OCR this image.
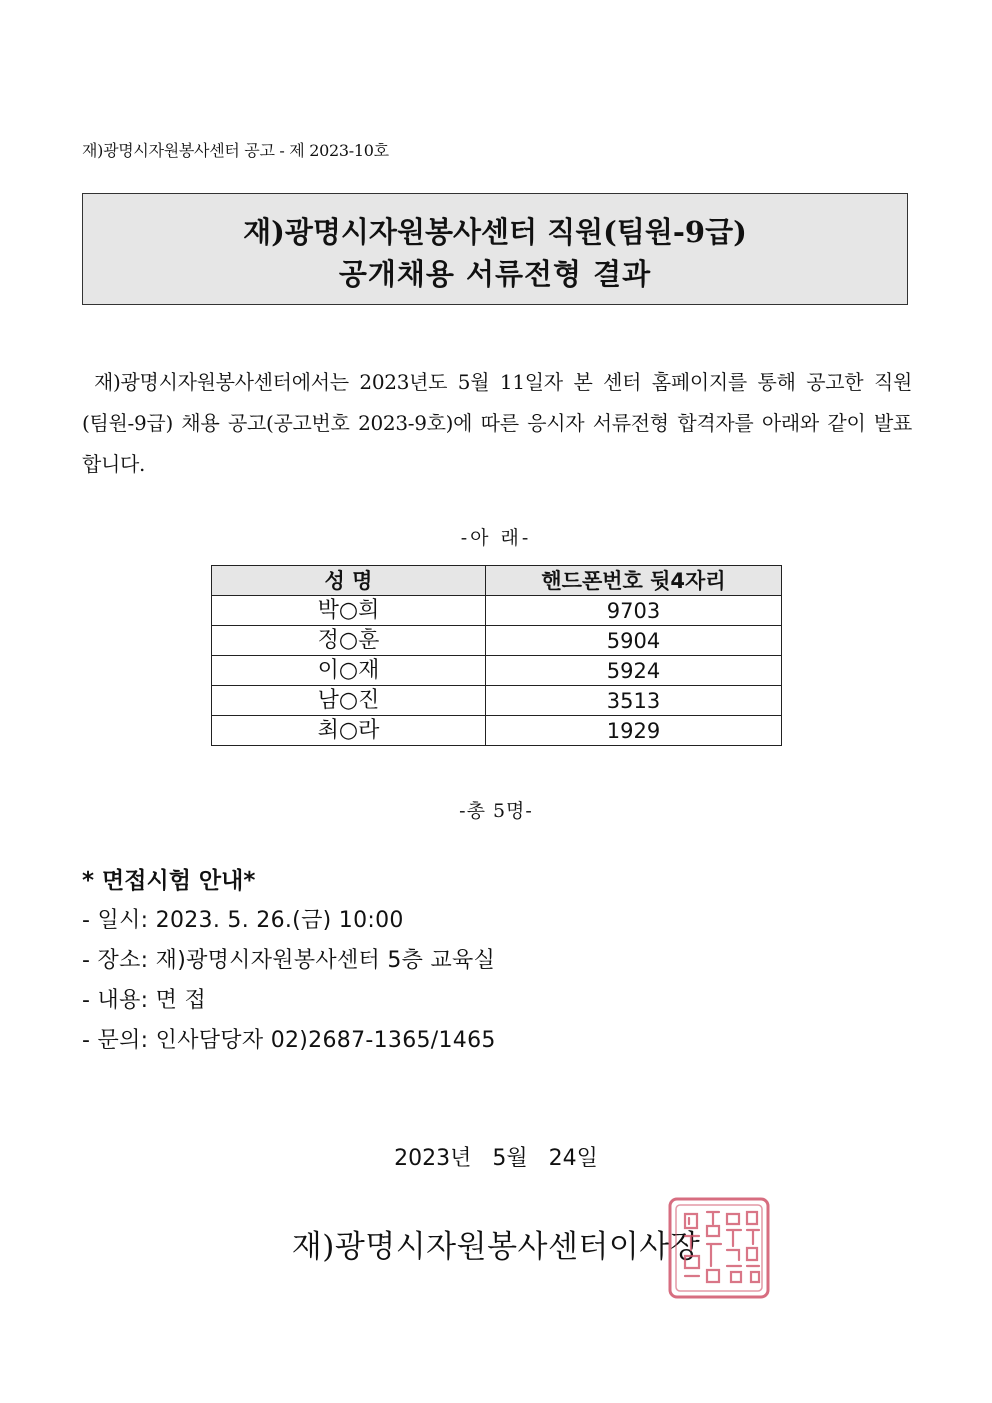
재)광명시자원봉사센터 공고 - 제 2023-10호
재)광명시자원봉사센터 직원(팀원-9급)
공개채용 서류전형 결과
재)광명시자원봉사센터에서는 2023년도 5월 11일자 본 센터 홈페이지를 통해 공고한 직원(팀원-9급) 채용 공고(공고번호 2023-9호)에 따른 응시자 서류전형 합격자를 아래와 같이 발표합니다.
-아 래-
성 명	핸드폰번호 뒷4자리
박○희	9703
정○훈	5904
이○재	5924
남○진	3513
최○라	1929
-총 5명-
* 면접시험 안내*
- 일시: 2023. 5. 26.(금) 10:00
- 장소: 재)광명시자원봉사센터 5층 교육실
- 내용: 면 접
- 문의: 인사담당자 02)2687-1365/1465
2023년 5월 24일
재)광명시자원봉사센터이사장
